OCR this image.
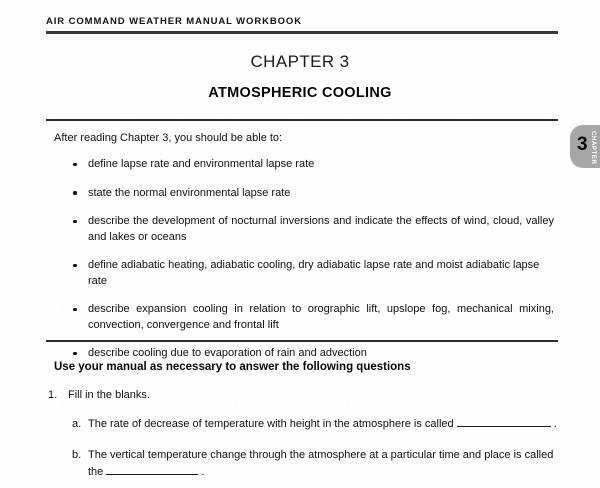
AIR COMMAND WEATHER MANUAL WORKBOOK
CHAPTER 3
ATMOSPHERIC COOLING
After reading Chapter 3, you should be able to:
define lapse rate and environmental lapse rate
state the normal environmental lapse rate
describe the development of nocturnal inversions and indicate the effects of wind, cloud, valley and lakes or oceans
define adiabatic heating, adiabatic cooling, dry adiabatic lapse rate and moist adiabatic lapse rate
describe expansion cooling in relation to orographic lift, upslope fog, mechanical mixing, convection, convergence and frontal lift
describe cooling due to evaporation of rain and advection
Use your manual as necessary to answer the following questions
1. Fill in the blanks.
a. The rate of decrease of temperature with height in the atmosphere is called	.
b. The vertical temperature change through the atmosphere at a particular time and place is called the	.
3 CHAPTER
